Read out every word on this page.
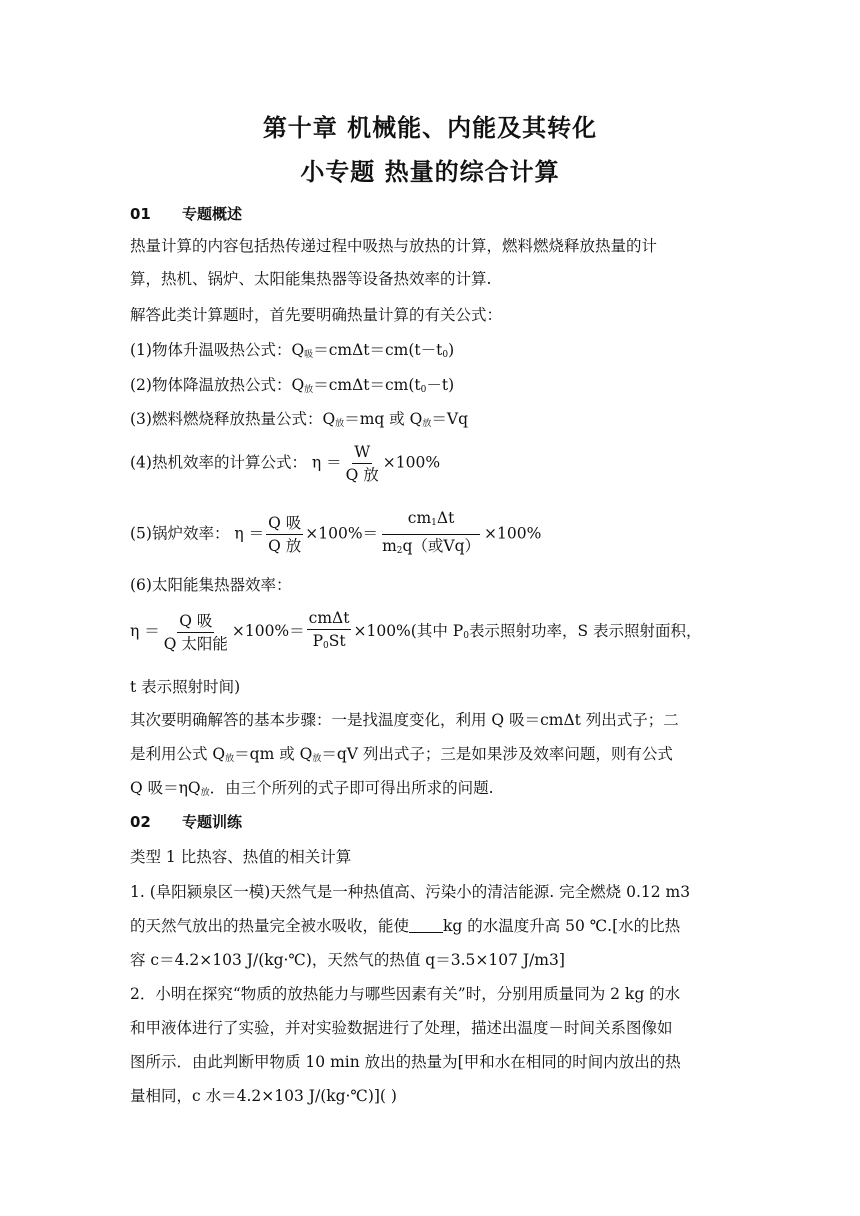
第十章 机械能、内能及其转化
小专题 热量的综合计算
01 专题概述
热量计算的内容包括热传递过程中吸热与放热的计算，燃料燃烧释放热量的计
算，热机、锅炉、太阳能集热器等设备热效率的计算.
解答此类计算题时，首先要明确热量计算的有关公式：
(1)物体升温吸热公式：$Q_吸=cm\Delta t=cm(t-t_0)$
(2)物体降温放热公式：$Q_放=cm\Delta t=cm(t_0-t)$
(3)燃料燃烧释放热量公式：$Q_放=mq$ 或 $Q_放=Vq$
(4)热机效率的计算公式： $\eta = \frac{W}{\text{Q 放}} \times 100\%$
(5)锅炉效率： $\eta = \frac{\text{Q 吸}}{\text{Q 放}} \times 100\%= \frac{cm_1\Delta t}{m_2q(或Vq)} \times 100\%$
(6)太阳能集热器效率：
$\eta = \frac{\text{Q 吸}}{\text{Q 太阳能}} \times 100\%= \frac{\text{cmΔt}}{P_0St} \times 100\%$(其中 $P_0$表示照射功率，S 表示照射面积，
t 表示照射时间)
其次要明确解答的基本步骤：一是找温度变化，利用 Q 吸＝cmΔt 列出式子；二
是利用公式 $Q_放=qm$ 或 $Q_放=qV$ 列出式子；三是如果涉及效率问题，则有公式
Q 吸$=\eta Q_放$．由三个所列的式子即可得出所求的问题.
02 专题训练
类型 1 比热容、热值的相关计算
1. (阜阳颍泉区一模)天然气是一种热值高、污染小的清洁能源. 完全燃烧 0.12 m3
的天然气放出的热量完全被水吸收，能使 kg 的水温度升高 50 ℃.[水的比热
容 c＝4.2×103 J/(kg·℃)，天然气的热值 q＝3.5×107 J/m3]
2．小明在探究“物质的放热能力与哪些因素有关”时，分别用质量同为 2 kg 的水
和甲液体进行了实验，并对实验数据进行了处理，描述出温度－时间关系图像如
图所示．由此判断甲物质 10 min 放出的热量为[甲和水在相同的时间内放出的热
量相同，c 水＝4.2×103 J/(kg·℃)]( )
